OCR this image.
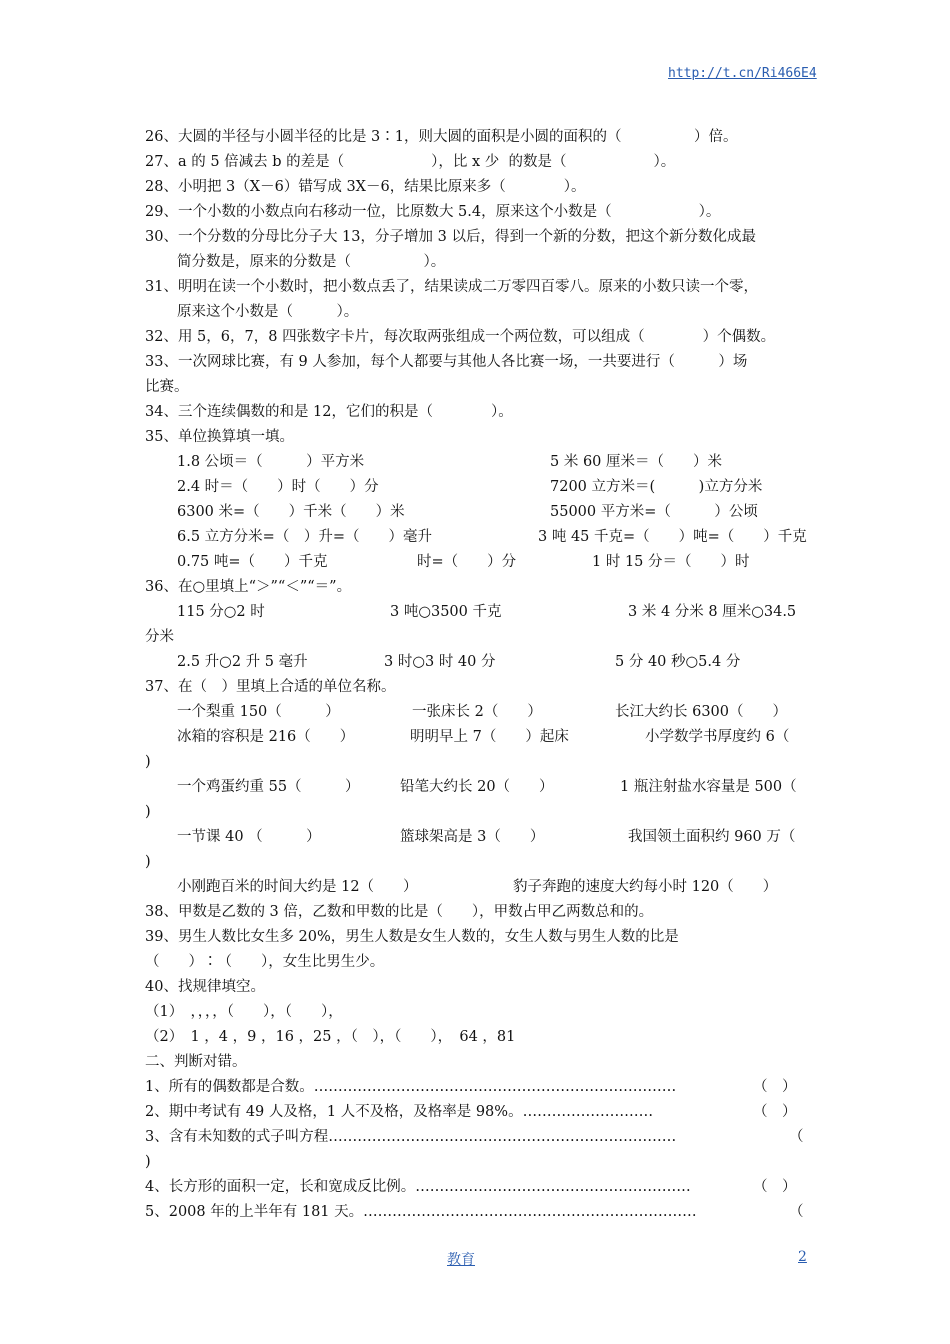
http://t.cn/Ri466E4
26、大圆的半径与小圆半径的比是 3∶1，则大圆的面积是小圆的面积的（　　　　　）倍。
27、a 的 5 倍减去 b 的差是（　　　　　　），比 x 少  的数是（　　　　　　）。
28、小明把 3（X－6）错写成 3X－6，结果比原来多（　　　　）。
29、一个小数的小数点向右移动一位，比原数大 5.4，原来这个小数是（　　　　　　）。
30、一个分数的分母比分子大 13，分子增加 3 以后，得到一个新的分数，把这个新分数化成最
简分数是，原来的分数是（　　　　　）。
31、明明在读一个小数时，把小数点丢了，结果读成二万零四百零八。原来的小数只读一个零，
原来这个小数是（　　　）。
32、用 5，6，7，8 四张数字卡片，每次取两张组成一个两位数，可以组成（　　　　）个偶数。
33、一次网球比赛，有 9 人参加，每个人都要与其他人各比赛一场，一共要进行（　　　）场
比赛。
34、三个连续偶数的和是 12，它们的积是（　　　　）。
35、单位换算填一填。
1.8 公顷＝（　　　）平方米	5 米 60 厘米＝（　　）米
2.4 时＝（　　）时（　　）分	7200 立方米＝(　　　)立方分米
6300 米=（　　）千米（　　）米	55000 平方米=（　　　）公顷
6.5 立方分米=（　）升=（　　）毫升	3 吨 45 千克=（　　）吨=（　　）千克
0.75 吨=（　　）千克	时=（　　）分	1 时 15 分＝（　　）时
36、在○里填上“＞”“＜”“＝”。
115 分○2 时	3 吨○3500 千克	3 米 4 分米 8 厘米○34.5
分米
2.5 升○2 升 5 毫升	3 时○3 时 40 分	5 分 40 秒○5.4 分
37、在（　）里填上合适的单位名称。
一个梨重 150（　　　）	一张床长 2（　　）	长江大约长 6300（　　）
冰箱的容积是 216（　　）	明明早上 7（　　）起床	小学数学书厚度约 6（
)
一个鸡蛋约重 55（　　　）	铅笔大约长 20（　　）	1 瓶注射盐水容量是 500（
)
一节课 40 （　　　）	篮球架高是 3（　　）	我国领土面积约 960 万（
)
小刚跑百米的时间大约是 12（　　）	豹子奔跑的速度大约每小时 120（　　）
38、甲数是乙数的 3 倍，乙数和甲数的比是（　　），甲数占甲乙两数总和的。
39、男生人数比女生多 20%，男生人数是女生人数的，女生人数与男生人数的比是
（　　）∶（　　），女生比男生少。
40、找规律填空。
（1）　，，，，（　　），（　　），
（2）　1 ，4 ，9 ，16 ，25 ，（　），（　　），　64 ，81
二、判断对错。
1、所有的偶数都是合数。…………………………………………………………………	（　）
2、期中考试有 49 人及格，1 人不及格，及格率是 98%。………………………	（　）
3、含有未知数的式子叫方程………………………………………………………………	（
)
4、长方形的面积一定，长和宽成反比例。…………………………………………………	（　）
5、2008 年的上半年有 181 天。……………………………………………………………	（
教育	2
